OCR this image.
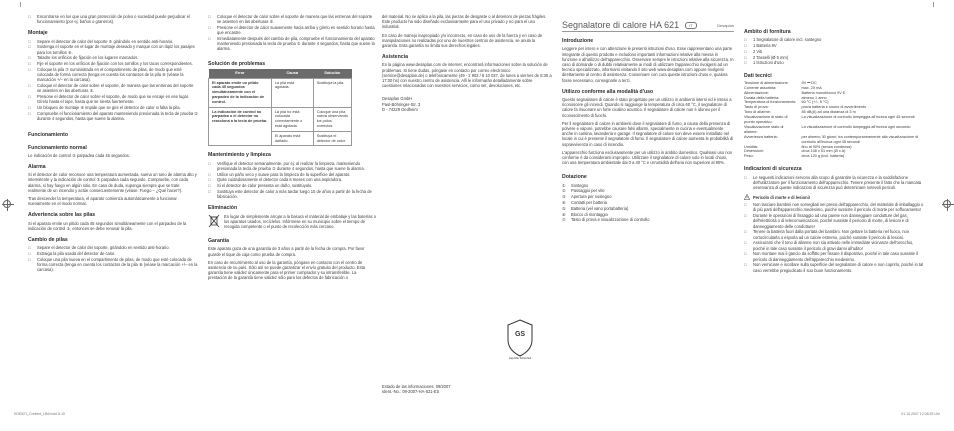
□ Encontrarse en los que una gran protección de polvo o suciedad puede perjudicar el funcionamiento (por ej. baños o graneros).
Montaje
□ Separe el detector de calor del soporte ⑤ girándolo en sentido anti-horario.
□ Sostenga el soporte en el lugar de montaje deseado y marque con un lápiz los pasajes para los tornillos ⑥.
□ Taladre los orificios de fijación en los lugares marcados.
□ Fije el soporte en los orificios de fijación con los tornillos y los tacos correspondientes.
□ Coloque la pila ⑦ suministrada en el compartimento de pilas, de modo que esté colocada de forma correcta (tenga en cuenta los contactos de la pila ⑧ (véase la marcación +/– en la carcasa).
□ Coloque el detector de calor sobre el soporte, de manera que las entrenas del soporte se asienten en las aberturas ⑤.
□ Presione el detector de calor sobre el soporte, de modo que se encaje en ese lugar. Gírelo hasta el tope, hasta que se sienta fuertemente.
□ Un bloqueo de montaje ⑨ impide que se gire el detector de calor si falta la pila.
□ Compruebe el funcionamiento del aparato manteniendo presionada la tecla de prueba ② durante 4 segundos, hasta que suene la alarma.
Funcionamiento
Funcionamiento normal

Le indicación de control ③ parpadea cada 45 segundos.

Alarma

Si el detector de calor reconoce una temperatura aumentada, suena un tono de alarma alto y intermitente y la indicación de control ③ parpadea cada segundo. Compruebe, con cada alarma, si hay fuego en algún sitio. En caso de duda, suponga siempre que se trate realmente de un incendio y actúe consecuentemente (véase: Fuego – ¿Qué hacer?).

Tras descender la temperatura, el aparato comienza automáticamente a funcionar nuevamente en el modo normal.

Advertencia sobre las pilas

Si el aparato emite un pitido cada 45 segundos simultáneamente con el parpadeo de la indicación de control ③, entonces se debe renovar la pila.

Cambio de pilas
□ Separe el detector de calor del soporte, girándolo en sentido anti-horario.
□ Extraiga la pila usada del detector de calor.
□ Coloque una pila nueva en el compartimento de pilas, de modo que esté colocada de forma correcta (tenga en cuenta los contactos de la pila ⑧ (véase la marcación +/– en la carcasa).
□ Coloque el detector de calor sobre el soporte de manera que las entrenas del soporte se asienten en las aberturas ⑤.
□ Presione el detector de calor suavemente hacia arriba y gírelo en sentido horario hasta que encastre.
□ Inmediatamente después del cambio de pila, compruebe el funcionamiento del aparato manteniendo presionada la tecla de prueba ② durante 4 segundos, hasta que suene la alarma.
Solución de problemas
Error	Causa	Solución
El aparato emite un pitido cada 45 segundos simultáneamente con el parpadeo de la indicación de control.	La pila está agotada.	Sustituya la pila.
La indicación de control no parpadea o el detector no reacciona a la tecla de prueba.	La pila no está colocada correctamente o está agotada.	Coloque una pila nueva observando los polos correctos.
	El aparato está dañado.	Sustituya el detector de calor.
Mantenimiento y limpieza
□ Verifique el detector semanalmente, por ej. al realizar la limpieza, manteniendo presionada la tecla de prueba ② durante 4 segundos, hasta que suene la alarma.
□ Utilice un paño seco y suave para la limpieza de la superficie del aparato.
□ Quite cuidadosamente el detector cada 6 meses con una aspiradora.
□ Si el detector de calor presenta un daño, sustitúyalo.
□ Sustituya este detector de calor a más tardar luego 10 de años a partir de la fecha de fabricación.
Eliminación

En lugar de simplemente arrojar a la basura el material de embalaje y las baterías o los aparatos usados, recíclelos. Infórmese en su municipio sobre el tiempo de recogida competente o el punto de recolección más cercano.

Garantía

Este aparato goza de una garantía de 3 años a partir de la fecha de compra. Por favor guarde el tique de caja como prueba de compra.

En caso de recurrimiento al uso de la garantía, póngase en contacto con el centro de asistencia de su país. Sólo así se puede garantizar el envío gratuito del producto. Esta garantía tiene validez únicamente para el primer comprador y su intransferible. La prestación de la garantía tiene validez sólo para los defectos de fabricación o

del material. No se aplica a la pila, las piezas de desgaste o al deterioro de piezas frágiles. Este producto ha sido diseñado exclusivamente para el uso privado y no para el uso industrial.

En caso de manejo inapropiado y/o incorrecto, en caso de uso de la fuerza y en caso de manipulaciones no realizadas por uno de nuestros centros de asistencia, se anula la garantía. Esta garantía no limita sus derechos legales.

Asistencia

En la página www.desaplan.com de internet, encontrará informaciones sobre la solución de problemas. Si tiene dudas, póngase en contacto por correo electrónico (service@desaplan.de) o telefónicamente (49 - 2 902 / 8 10 027, de lunes a viernes de 8:30 a 17:00 hs) con nuestro centro de asistencia. Allí le informarán detalladamente sobre cuestiones relacionadas con nuestros servicios, como ser, devoluciones, etc.

Desaplan GmbH

Paul-Böhringer-Str. 3

D - 74229 Oedheim

Estado de las informaciones: 09/2007

Ident.-No.: 09-2007-HA-621-ES

GS
Geprüfte Sicherheit
Segnalatore di calore HA 621	IT	Desaplan
Introduzione

Leggere per intero e con attenzione le presenti istruzioni d'uso. Esse rappresentano una parte integrante di questo prodotto e includono importanti informazioni relative alla messa in funzione e all'utilizzo dell'apparecchio. Osservare sempre le istruzioni relative alla sicurezza. In caso di domande o di dubbi relativamente ai modi di utilizzare l'apparecchio rivolgersi ad un tecnico specializzato, informarsi visitando il sito web www.desaplan.com oppure rivolgersi direttamente al centro di assistenza. Conservare con cura queste istruzioni d'uso e, qualora fosse necessario, consegnarle a terzi.

Utilizzo conforme alla modalità d'uso

Questo segnalatore di calore è stato progettato per un utilizzo in ambienti interni ed è inteso a riconoscere gli incendi. Quando si raggiunge la temperatura di circa 60 °C, il segnalatore di calore fa risuonare un forte cicalino acustico. Il segnalatore di calore non è idoneo per il riconoscimento di fuochi.

Per il segnalatore di calore in ambienti dove il segnalatore di fumo, a causa della presenza di polvere e vapore, potrebbe causare falsi allarmi, specialmente in cucina e eventualmente anche in cantina, lavanderia e garage. Il segnalatore di calore non deve essere installato nel locale in cui è presente il segnalatore di fumo. Il segnalatore di calore aumenta le probabilità di sopravvivenza in caso di incendio.

L'apparecchio funziona esclusivamente per un utilizzo in ambito domestico. Qualsiasi uso non conforme è da considerarsi improprio. Utilizzare il segnalatore di calore solo in locali chiusi, con una temperatura ambientale dai 0 a 40 °C e un'umidità dell'aria non superiore al 90%.

Dotazione
① Sostegno
② Passaggio per vite
③ Apertura per sostegno
④ Contatti per batteria
⑤ Batteria (vel vano portabatteria)
⑥ Blocco di montaggio
⑦ Tasto di prova e visualizzazione di controllo
Ambito di fornitura
□ 1 Segnalatore di calore incl. sostegno
□ 1 Batteria 9V
□ 2 Viti
□ 2 Tasselli (Ø 5 mm)
□ 1 Istruzioni d'uso
Dati tecnici
Tensione di alimentazione:	9V ⎓ DC
Corrente assorbita:	max. 20 mA
Alimentazione:	Batteria monoblocco 9V E
Durata della batteria:	almeno 1 anno
Temperatura di funzionamento:	60 °C (+/– 5 °C)
Tasto di prova:	prova batteria e suono di avvertimento
Tono di allarme:	85 dB(A) ad una distanza di 3 m
Visualizzazione di stato di pronto operativo:	La visualizzazione di controllo lampeggia all'incirca ogni 45 secondi
Visualizzazione stato di allarme:	La visualizzazione di controllo lampeggia all'incirca ogni secondo
Avvertenza batteria:	per almeno 30 giorni; tra contemporaneamente alla visualizzazione di controllo all'incirca ogni 45 secondi
Umidità:	fino al 90% (senza condensa)
Dimensioni:	circa 108 x 51 mm (Ø x A)
Peso:	circa 120 g (incl. batteria)
Indicazioni di sicurezza
□ Le seguenti indicazioni servono alla scopo di garantire la sicurezza e la soddisfazione dell'utilizzatore per il funzionamento dell'apparecchio. Tenere presente il fatto che la mancata osservanza di queste indicazioni di sicurezza può determinare notevoli pericoli.
Pericolo di morte e di lesioni!
□ Non lasciare bambini non sorvegliati nei pressi dell'apparecchio, del materiale di imballaggio o di più parti dell'apparecchio medesimo, poiché sussiste il pericolo di morte per soffocamento!
□ Durante le operazioni di fissaggio ad una parete non danneggiare condutture del gas, dell'elettricità o di telecomunicazioni, poiché sussiste il pericolo di morte, di lesioni e di danneggiamento delle condutture!
□ Tenere la batteria fuori dalla portata dei bambini. Non gettare la batteria nel fuoco, non cortocircuitarla o esporla ad un calore estremo, poiché sussiste il pericolo di lesioni.
□ Assicurarsi che il tono di allarme non sia attivato nelle immediate vicinanze dell'orecchio, poiché in tale caso sussiste il pericolo di gravi danni all'udito!
□ Non montare mai il gancio da soffitto per fissare il dispositivo, poiché in tale caso sussiste il pericolo di danneggiamento dell'apparecchio medesimo.
□ Non verniciare e incollare sulla superficie del segnalatore di calore e non coprirlo, poiché in tal caso verrebbe pregiudicato il suo buon funzionamento.
KDE621_Content_LB5.indd 8-10	01.10.2007 12:08:29 Uhr
